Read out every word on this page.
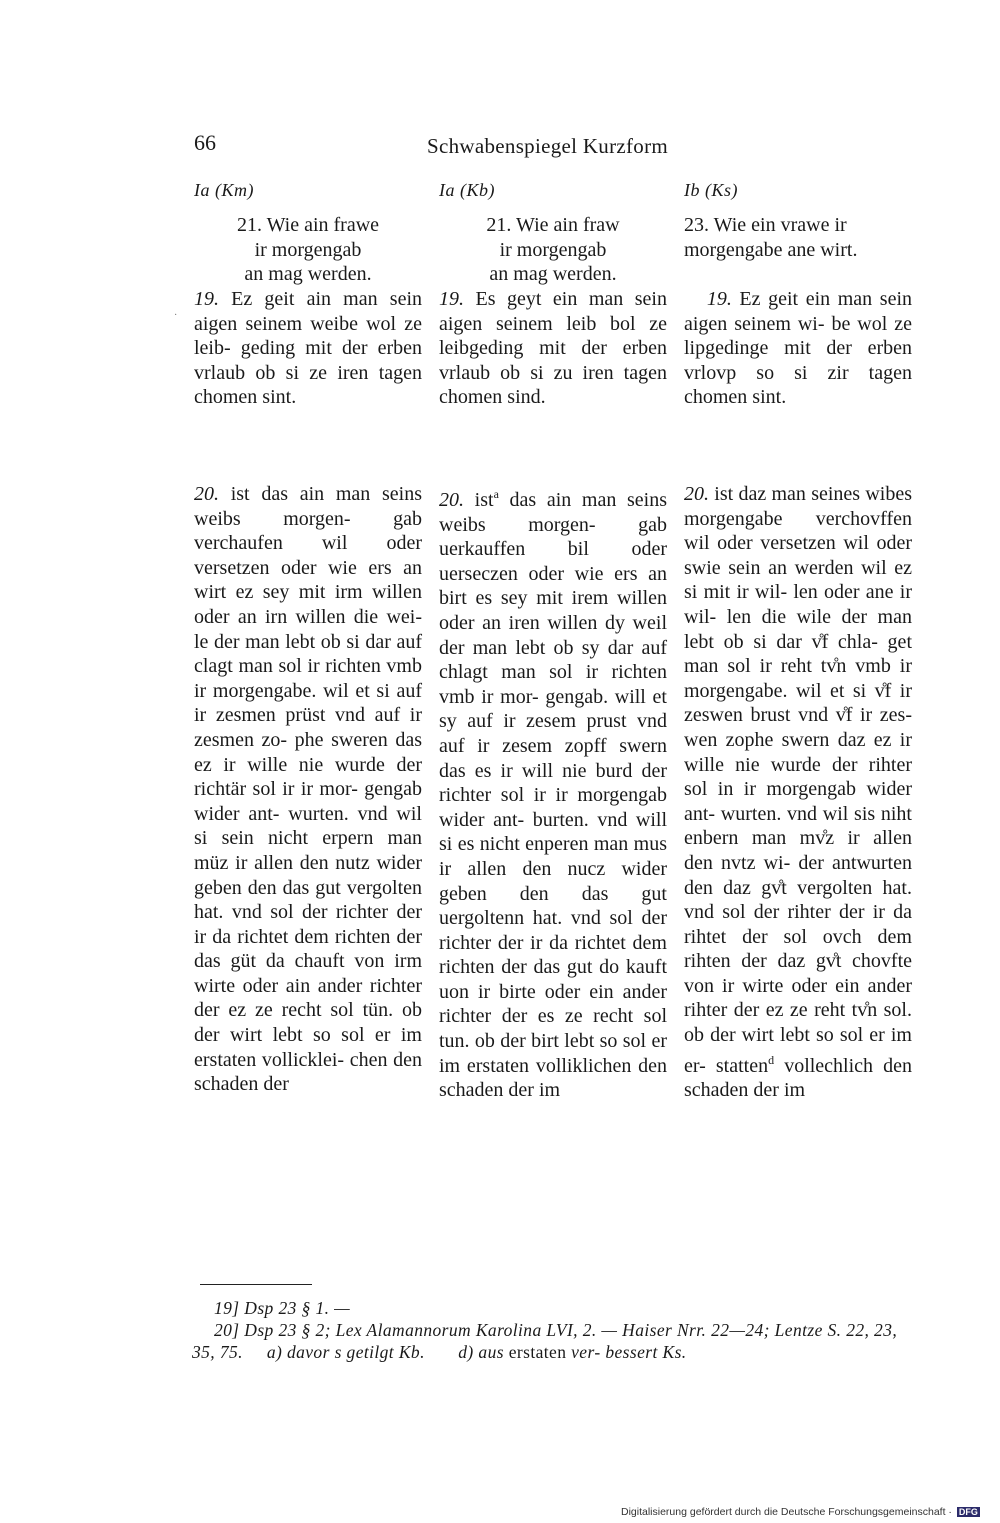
66	Schwabenspiegel Kurzform
·
Ia (Km)
21. Wie ain frawe
ir morgengab
an mag werden.
19. Ez geit ain man sein aigen seinem weibe wol ze leib- geding mit der erben vrlaub ob si ze iren tagen chomen sint.
20. ist das ain man seins weibs morgen- gab verchaufen wil oder versetzen oder wie ers an wirt ez sey mit irm willen oder an irn willen die wei- le der man lebt ob si dar auf clagt man sol ir richten vmb ir morgengabe. wil et si auf ir zesmen prüst vnd auf ir zesmen zo- phe sweren das ez ir wille nie wurde der richtär sol ir ir mor- gengab wider ant- wurten. vnd wil si sein nicht erpern man müz ir allen den nutz wider geben den das gut vergolten hat. vnd sol der richter der ir da richtet dem richten der das güt da chauft von irm wirte oder ain ander richter der ez ze recht sol tün. ob der wirt lebt so sol er im erstaten vollicklei- chen den schaden der
Ia (Kb)
21. Wie ain fraw
ir morgengab
an mag werden.
19. Es geyt ein man sein aigen seinem leib bol ze leibgeding mit der erben vrlaub ob si zu iren tagen chomen sind.
20. ist$^a$ das ain man seins weibs morgen- gab uerkauffen bil oder uerseczen oder wie ers an birt es sey mit irem willen oder an iren willen dy weil der man lebt ob sy dar auf chlagt man sol ir richten vmb ir mor- gengab. will et sy auf ir zesem prust vnd auf ir zesem zopff swern das es ir will nie burd der richter sol ir ir morgengab wider ant- burten. vnd will si es nicht enperen man mus ir allen den nucz wider geben den das gut uergoltenn hat. vnd sol der richter der ir da richtet dem richten der das gut do kauft uon ir birte oder ein ander richter der es ze recht sol tun. ob der birt lebt so sol er im erstaten volliklichen den schaden der im
Ib (Ks)
23. Wie ein vrawe ir
morgengabe ane wirt.
19. Ez geit ein man sein aigen seinem wi- be wol ze lipgedinge mit der erben vrlovp so si zir tagen chomen sint.
20. ist daz man seines wibes morgengabe verchovffen wil oder versetzen wil oder swie sein an werden wil ez si mit ir wil- len oder ane ir wil- len die wile der man lebt ob si dar v̊f chla- get man sol ir reht tv̊n vmb ir morgengabe. wil et si v̊f ir zeswen brust vnd v̊f ir zes- wen zophe swern daz ez ir wille nie wurde der rihter sol in ir morgengab wider ant- wurten. vnd wil sis niht enbern man mv̊z ir allen den nvtz wi- der antwurten den daz gv̊t vergolten hat. vnd sol der rihter der ir da rihtet der sol ovch dem rihten der daz gv̊t chovfte von ir wirte oder ein ander rihter der ez ze reht tv̊n sol. ob der wirt lebt so sol er im er- statten$^d$ vollechlich den schaden der im

19] Dsp 23 § 1. —

20] Dsp 23 § 2; Lex Alamannorum Karolina LVI, 2. — Haiser Nrr. 22—24; Lentze S. 22, 23, 35, 75. a) davor s getilgt Kb. d) aus erstaten ver- bessert Ks.

Digitalisierung gefördert durch die Deutsche Forschungsgemeinschaft · DFG
